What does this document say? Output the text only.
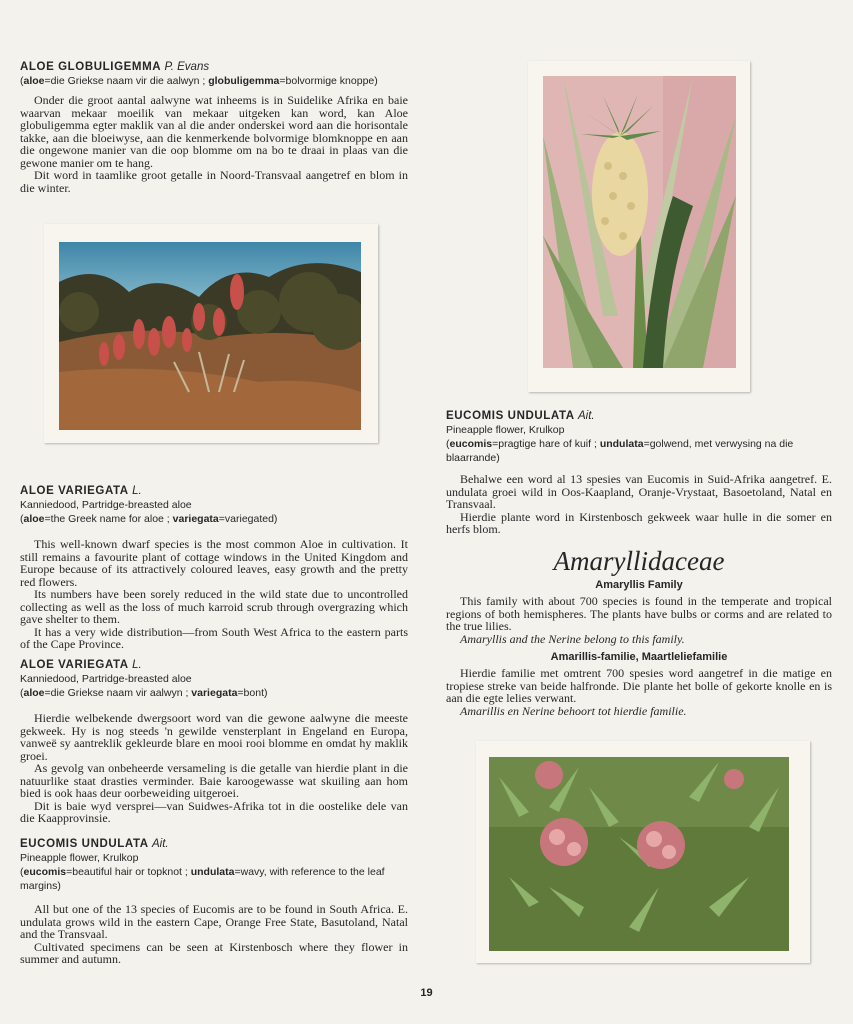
ALOE GLOBULIGEMMA P. Evans
(aloe=die Griekse naam vir die aalwyn ; globuligemma=bolvormige knoppe)

Onder die groot aantal aalwyne wat inheems is in Suidelike Afrika en baie waarvan mekaar moeilik van mekaar uitgeken kan word, kan Aloe globuligemma egter maklik van al die ander onderskei word aan die horisontale takke, aan die bloeiwyse, aan die kenmerkende bolvormige blomknoppe en aan die ongewone manier van die oop blomme om na bo te draai in plaas van die gewone manier om te hang.

Dit word in taamlike groot getalle in Noord-Transvaal aangetref en blom in die winter.

ALOE VARIEGATA L.
Kanniedood, Partridge-breasted aloe
(aloe=the Greek name for aloe ; variegata=variegated)

This well-known dwarf species is the most common Aloe in cultivation. It still remains a favourite plant of cottage windows in the United Kingdom and Europe because of its attractively coloured leaves, easy growth and the pretty red flowers.

Its numbers have been sorely reduced in the wild state due to uncontrolled collecting as well as the loss of much karroid scrub through overgrazing which gave shelter to them.

It has a very wide distribution—from South West Africa to the eastern parts of the Cape Province.

ALOE VARIEGATA L.
Kanniedood, Partridge-breasted aloe
(aloe=die Griekse naam vir aalwyn ; variegata=bont)

Hierdie welbekende dwergsoort word van die gewone aalwyne die meeste gekweek. Hy is nog steeds 'n gewilde vensterplant in Engeland en Europa, vanweë sy aantreklik gekleurde blare en mooi rooi blomme en omdat hy maklik groei.

As gevolg van onbeheerde versameling is die getalle van hierdie plant in die natuurlike staat drasties verminder. Baie karoogewasse wat skuiling aan hom bied is ook haas deur oorbeweiding uitgeroei.

Dit is baie wyd versprei—van Suidwes-Afrika tot in die oostelike dele van die Kaapprovinsie.

EUCOMIS UNDULATA Ait.
Pineapple flower, Krulkop
(eucomis=beautiful hair or topknot ; undulata=wavy, with reference to the leaf margins)

All but one of the 13 species of Eucomis are to be found in South Africa. E. undulata grows wild in the eastern Cape, Orange Free State, Basutoland, Natal and the Transvaal.

Cultivated specimens can be seen at Kirstenbosch where they flower in summer and autumn.

EUCOMIS UNDULATA Ait.
Pineapple flower, Krulkop
(eucomis=pragtige hare of kuif ; undulata=golwend, met verwysing na die blaarrande)

Behalwe een word al 13 spesies van Eucomis in Suid-Afrika aangetref. E. undulata groei wild in Oos-Kaapland, Oranje-Vrystaat, Basoetoland, Natal en Transvaal.

Hierdie plante word in Kirstenbosch gekweek waar hulle in die somer en herfs blom.

Amaryllidaceae
Amaryllis Family

This family with about 700 species is found in the temperate and tropical regions of both hemispheres. The plants have bulbs or corms and are related to the true lilies.

Amaryllis and the Nerine belong to this family.

Amarillis-familie, Maartleliefamilie

Hierdie familie met omtrent 700 spesies word aangetref in die matige en tropiese streke van beide halfronde. Die plante het bolle of gekorte knolle en is aan die egte lelies verwant.

Amarillis en Nerine behoort tot hierdie familie.

19
